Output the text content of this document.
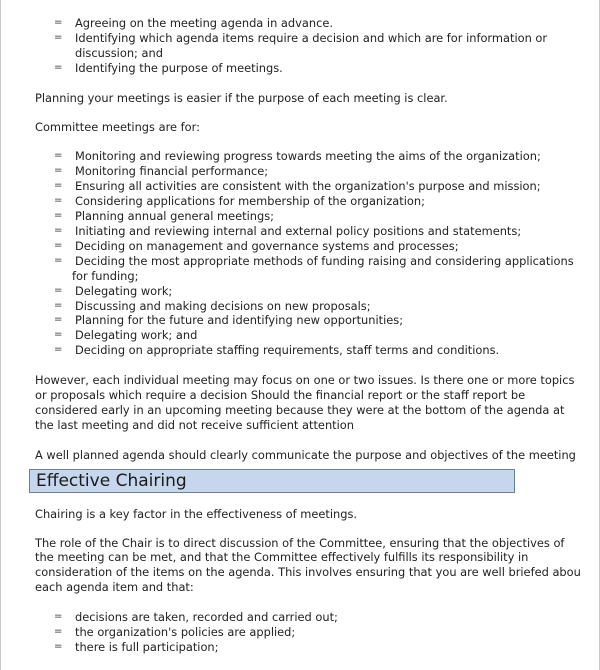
= Agreeing on the meeting agenda in advance.
= Identifying which agenda items require a decision and which are for information or
discussion; and
= Identifying the purpose of meetings.

Planning your meetings is easier if the purpose of each meeting is clear.

Committee meetings are for:

= Monitoring and reviewing progress towards meeting the aims of the organization;
= Monitoring financial performance;
= Ensuring all activities are consistent with the organization's purpose and mission;
= Considering applications for membership of the organization;
= Planning annual general meetings;
= Initiating and reviewing internal and external policy positions and statements;
= Deciding on management and governance systems and processes;
= Deciding the most appropriate methods of funding raising and considering applications
for funding;
= Delegating work;
= Discussing and making decisions on new proposals;
= Planning for the future and identifying new opportunities;
= Delegating work; and
= Deciding on appropriate staffing requirements, staff terms and conditions.

However, each individual meeting may focus on one or two issues. Is there one or more topics

or proposals which require a decision Should the financial report or the staff report be

considered early in an upcoming meeting because they were at the bottom of the agenda at

the last meeting and did not receive sufficient attention

A well planned agenda should clearly communicate the purpose and objectives of the meeting

Effective Chairing

Chairing is a key factor in the effectiveness of meetings.

The role of the Chair is to direct discussion of the Committee, ensuring that the objectives of

the meeting can be met, and that the Committee effectively fulfills its responsibility in

consideration of the items on the agenda. This involves ensuring that you are well briefed abou

each agenda item and that:

= decisions are taken, recorded and carried out;
= the organization's policies are applied;
= there is full participation;
